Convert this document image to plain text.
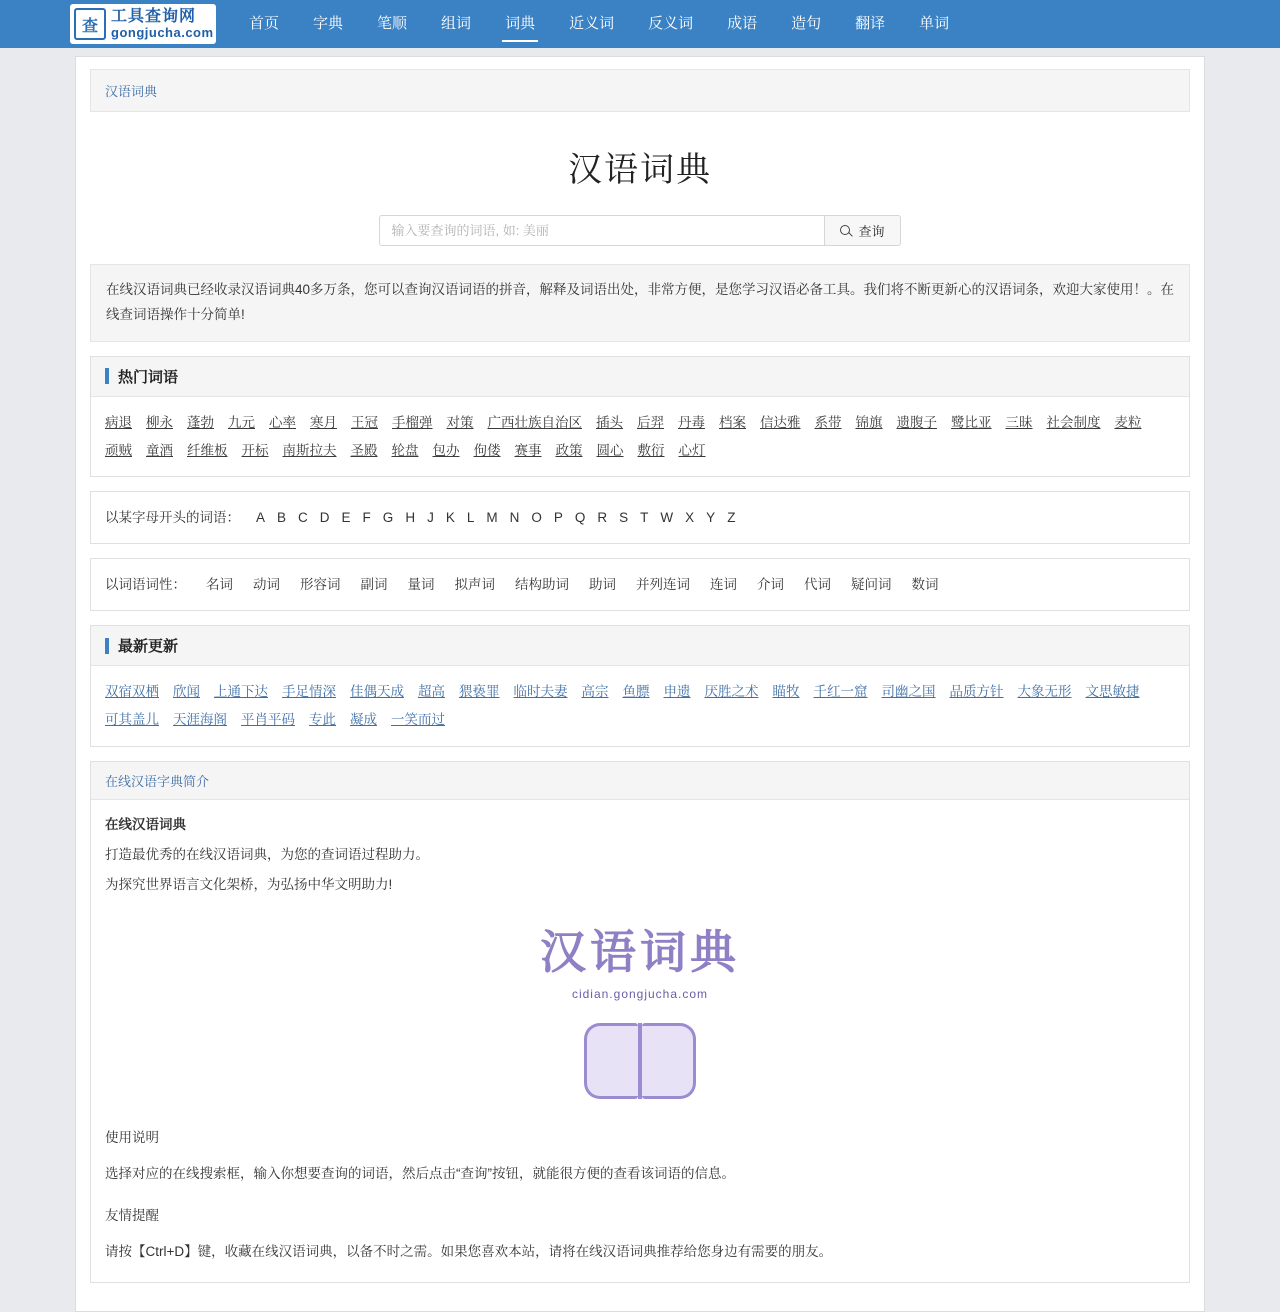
查
工具查询网
gongjucha.com
首页	字典	笔顺	组词	词典	近义词	反义词	成语	造句	翻译	单词
汉语词典
汉语词典
输入要查询的词语, 如: 美丽
查询
在线汉语词典已经收录汉语词典40多万条，您可以查询汉语词语的拼音，解释及词语出处，非常方便，是您学习汉语必备工具。我们将不断更新心的汉语词条，欢迎大家使用！。在线查词语操作十分简单!
热门词语
病退 柳永 蓬勃 九元 心率 寒月 王冠 手榴弹 对策 广西壮族自治区 插头 后羿 丹毒 档案 信达雅 系带 锦旗 遗腹子 鹭比亚 三昧 社会制度 麦粒顽贼 童酒 纤维板 开标 南斯拉夫 圣殿 轮盘 包办 佝偻 赛事 政策 圆心 敷衍 心灯
以某字母开头的词语：	A B C D E F G H J K L M N O P Q R S T W X Y Z
以词语词性：	名词	动词	形容词	副词	量词	拟声词	结构助词	助词	并列连词	连词	介词	代词	疑问词	数词
最新更新
双宿双栖 欣闻 上通下达 手足情深 佳偶天成 超高 猥亵罪 临时夫妻 高宗 鱼膘 申遗 厌胜之术 瞄牧 千红一窟 司幽之国 品质方针 大象无形 文思敏捷可其盖儿 天涯海阁 平肖平码 专此 凝成 一笑而过
在线汉语字典简介

在线汉语词典

打造最优秀的在线汉语词典，为您的查词语过程助力。

为探究世界语言文化架桥，为弘扬中华文明助力!

汉语词典
cidian.gongjucha.com

使用说明

选择对应的在线搜索框，输入你想要查询的词语，然后点击“查询”按钮，就能很方便的查看该词语的信息。

友情提醒

请按【Ctrl+D】键，收藏在线汉语词典，以备不时之需。如果您喜欢本站，请将在线汉语词典推荐给您身边有需要的朋友。
